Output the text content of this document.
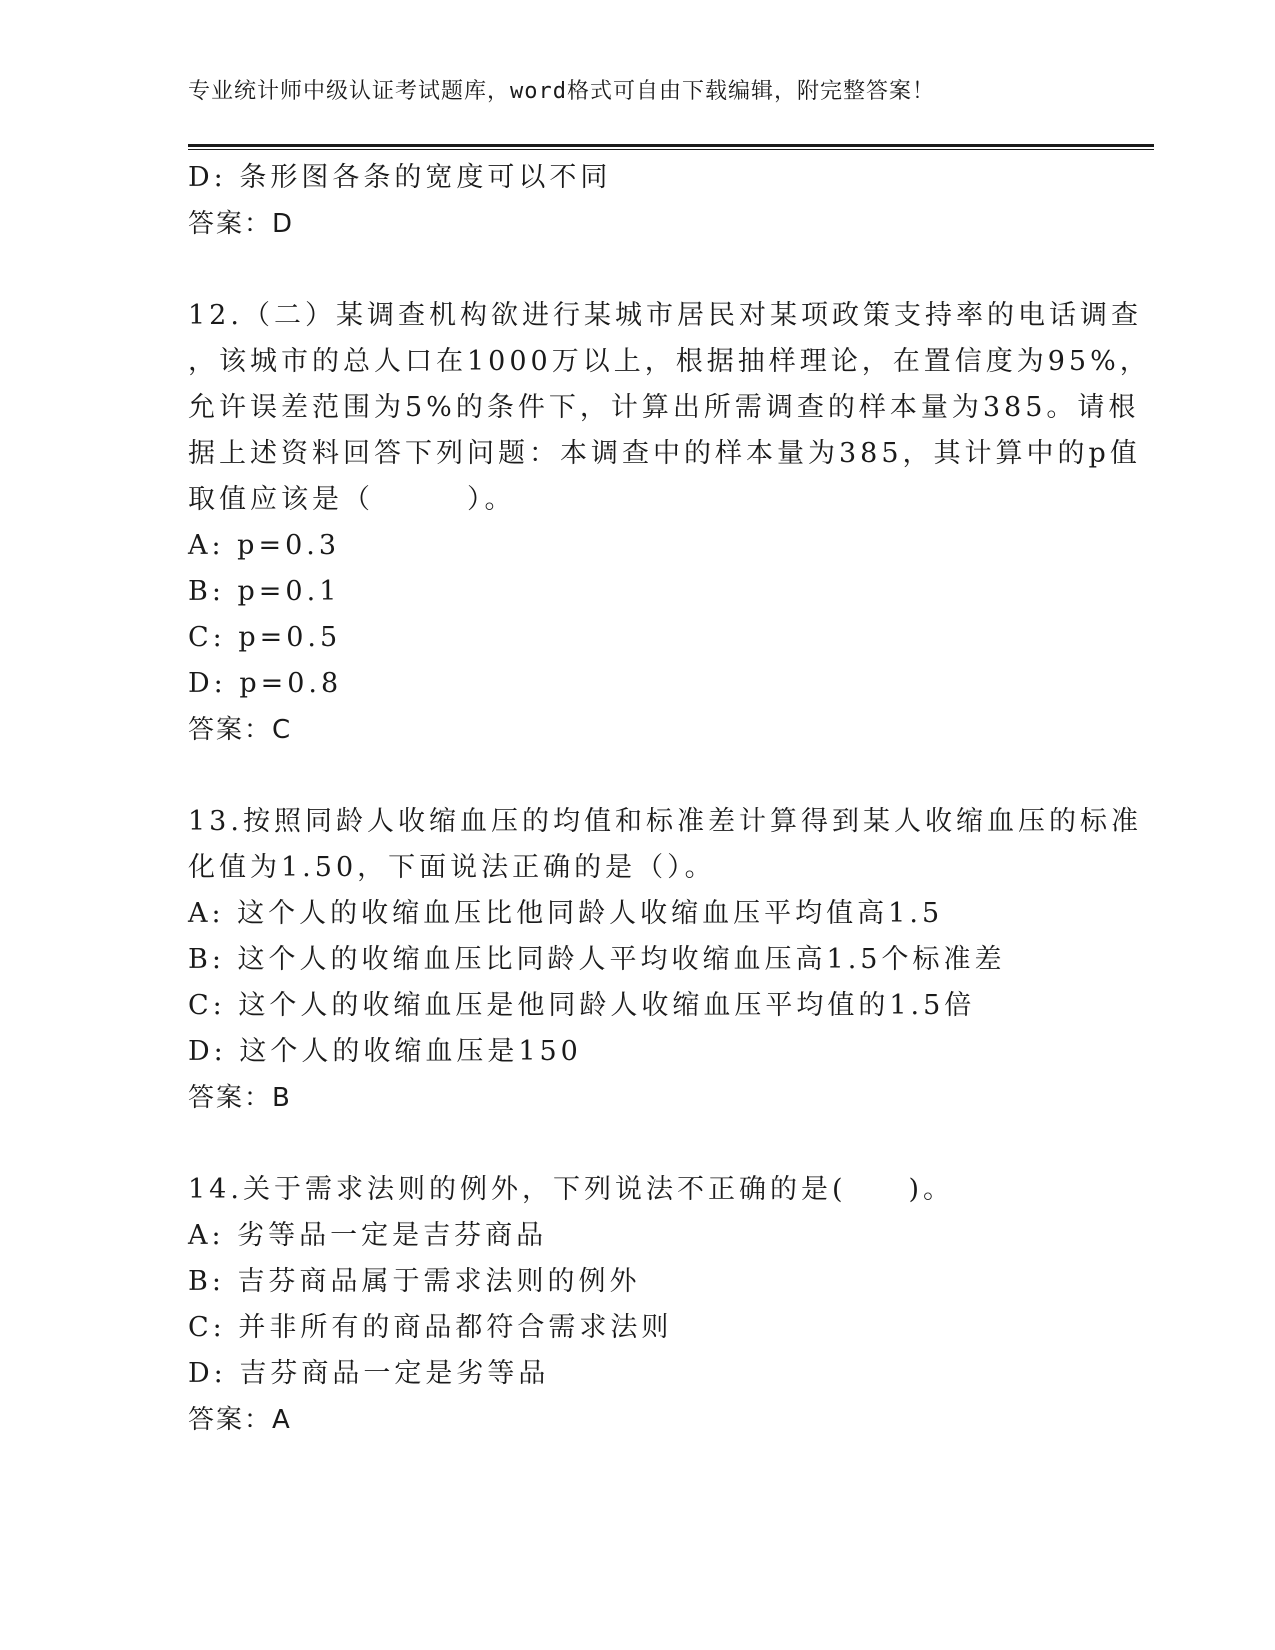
专业统计师中级认证考试题库，word格式可自由下载编辑，附完整答案！
D: 条形图各条的宽度可以不同
答案：D
12.（二）某调查机构欲进行某城市居民对某项政策支持率的电话调查
，该城市的总人口在1000万以上，根据抽样理论，在置信度为95%，
允许误差范围为5%的条件下，计算出所需调查的样本量为385。请根
据上述资料回答下列问题：本调查中的样本量为385，其计算中的p值
取值应该是（　　　）。
A: p=0.3
B: p=0.1
C: p=0.5
D: p=0.8
答案：C
13.按照同龄人收缩血压的均值和标准差计算得到某人收缩血压的标准
化值为1.50，下面说法正确的是（）。
A: 这个人的收缩血压比他同龄人收缩血压平均值高1.5
B: 这个人的收缩血压比同龄人平均收缩血压高1.5个标准差
C: 这个人的收缩血压是他同龄人收缩血压平均值的1.5倍
D: 这个人的收缩血压是150
答案：B
14.关于需求法则的例外，下列说法不正确的是(　　)。
A: 劣等品一定是吉芬商品
B: 吉芬商品属于需求法则的例外
C: 并非所有的商品都符合需求法则
D: 吉芬商品一定是劣等品
答案：A
